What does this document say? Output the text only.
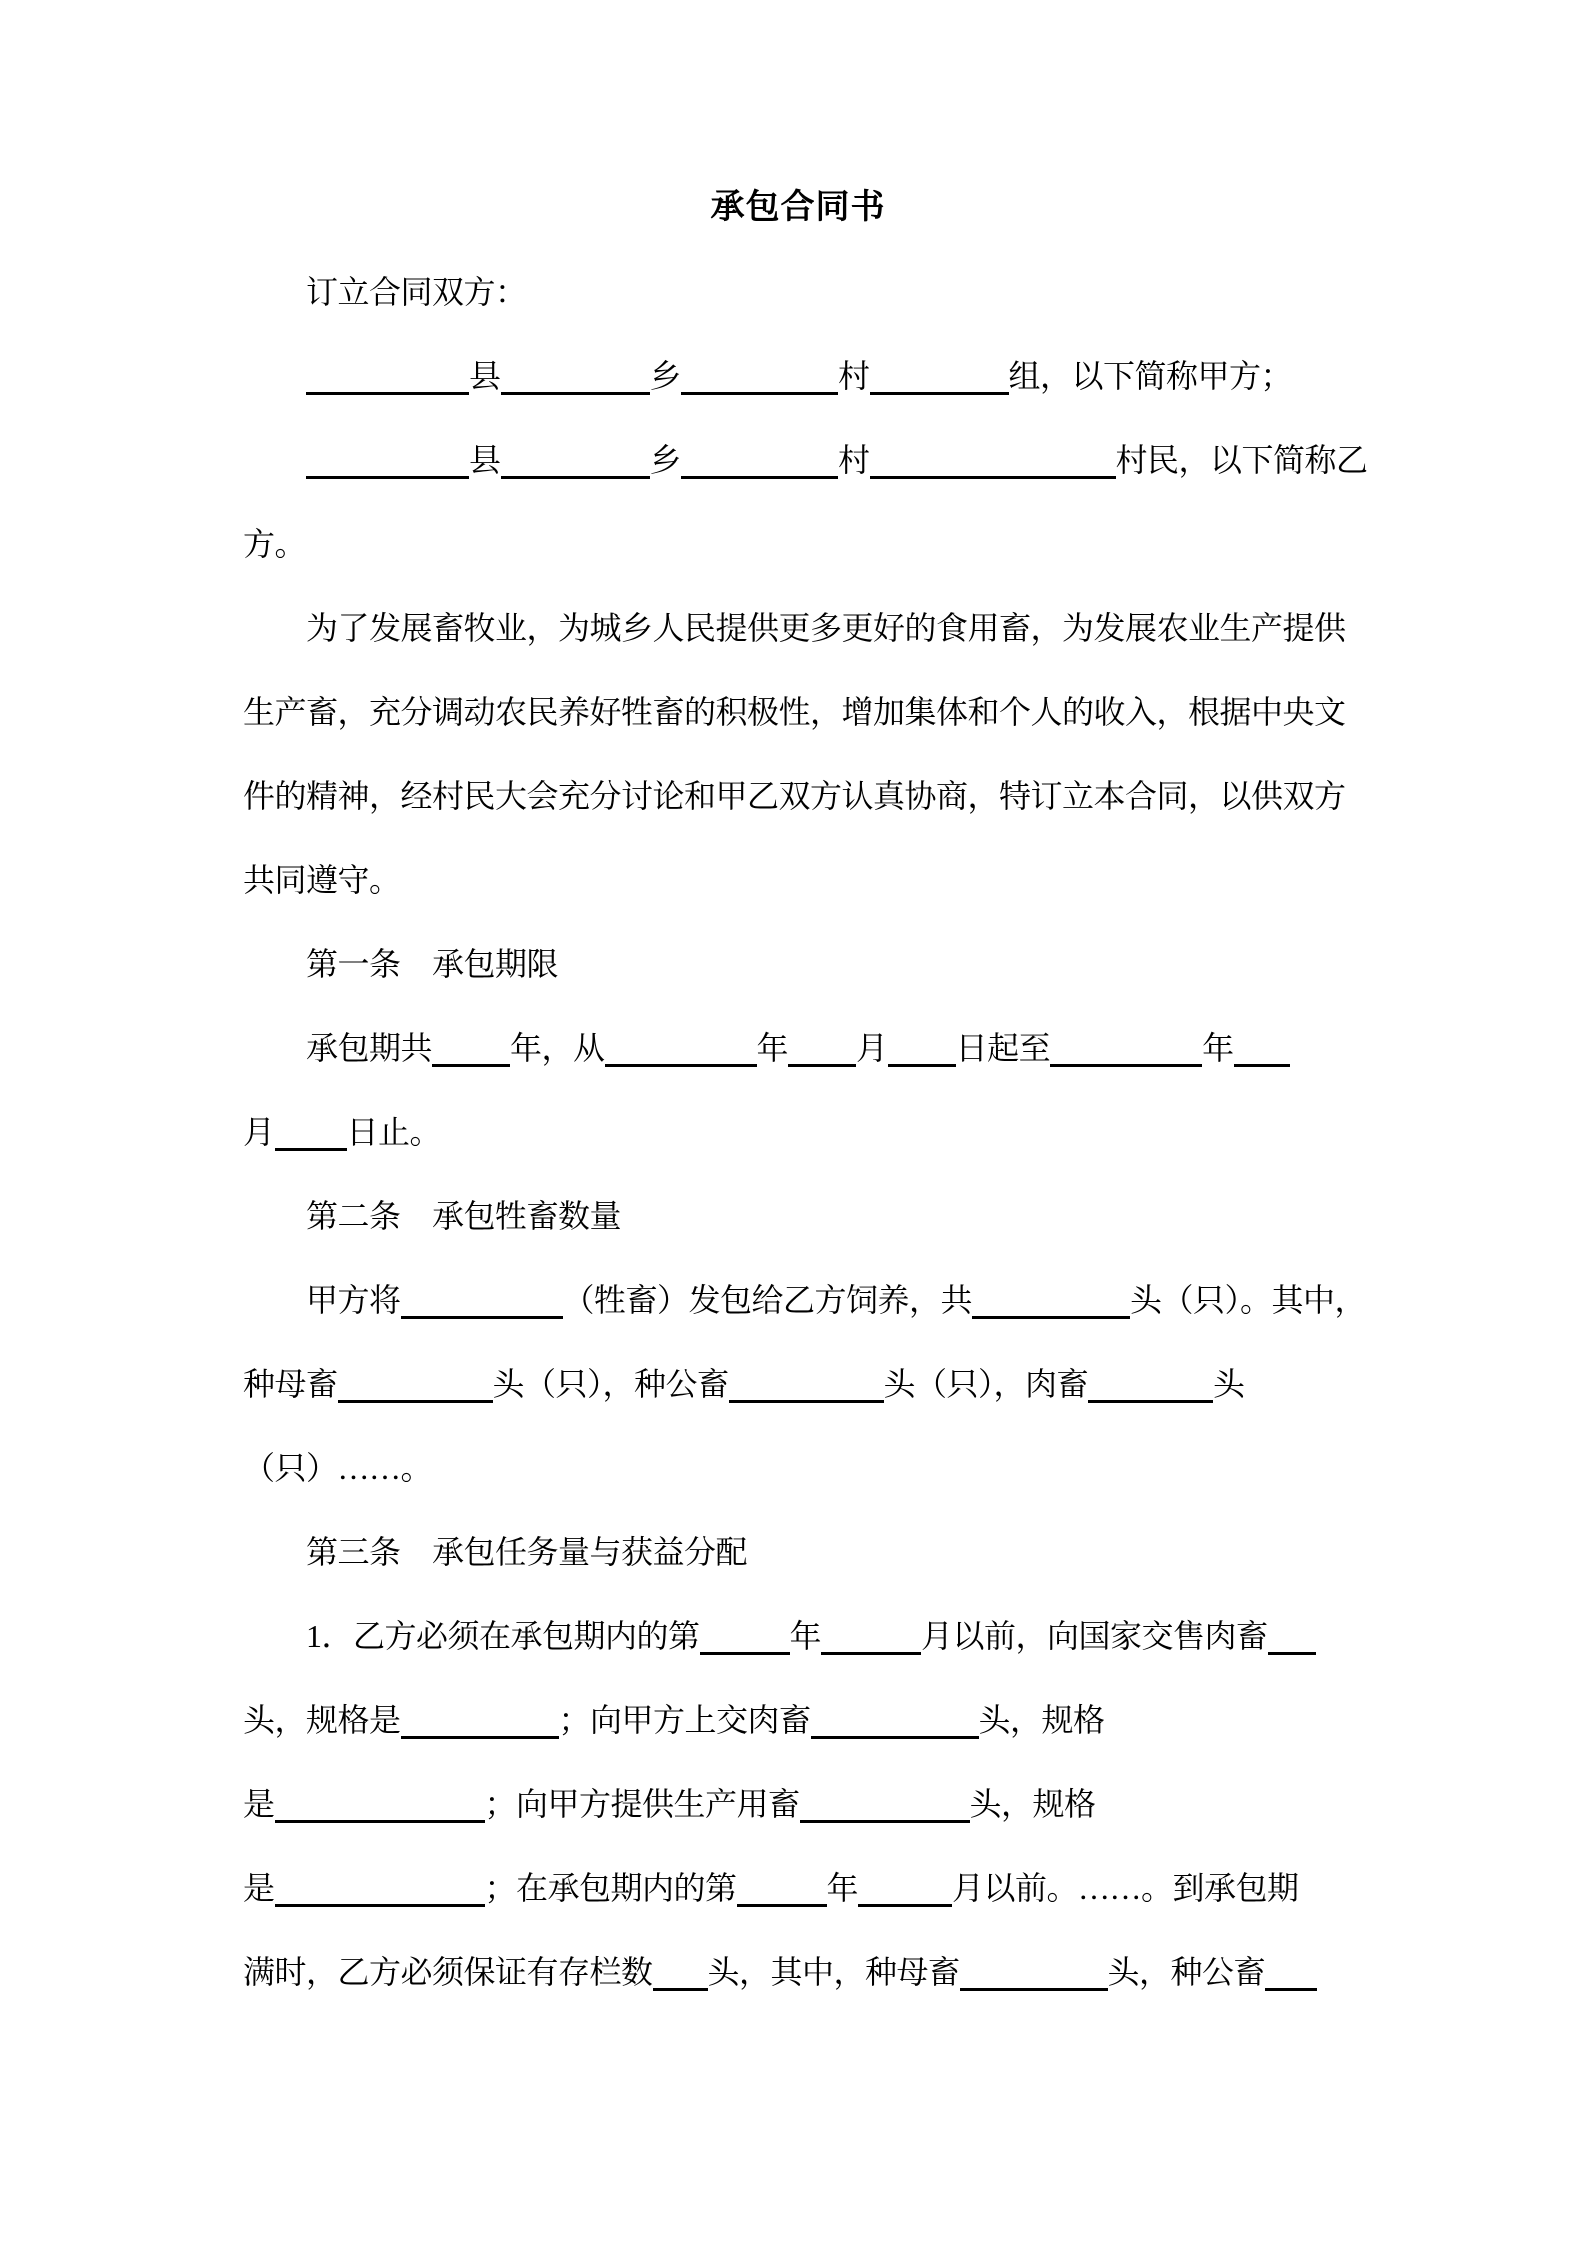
承包合同书
订立合同双方：
县	乡	村	组，以下简称甲方；
县	乡	村	村民，以下简称乙
方。
为了发展畜牧业，为城乡人民提供更多更好的食用畜，为发展农业生产提供
生产畜，充分调动农民养好牲畜的积极性，增加集体和个人的收入，根据中央文
件的精神，经村民大会充分讨论和甲乙双方认真协商，特订立本合同，以供双方
共同遵守。
第一条　承包期限
承包期共 年，从	年 月 日起至	年
月 日止。
第二条　承包牲畜数量
甲方将	（牲畜）发包给乙方饲养，共	头（只）。其中，
种母畜	头（只），种公畜	头（只），肉畜	头
（只）……。
第三条　承包任务量与获益分配
1．乙方必须在承包期内的第	年	月以前，向国家交售肉畜
头，规格是	；向甲方上交肉畜	头，规格
是	；向甲方提供生产用畜	头，规格
是	；在承包期内的第	年	月以前。……。到承包期
满时，乙方必须保证有存栏数 头，其中，种母畜	头，种公畜
